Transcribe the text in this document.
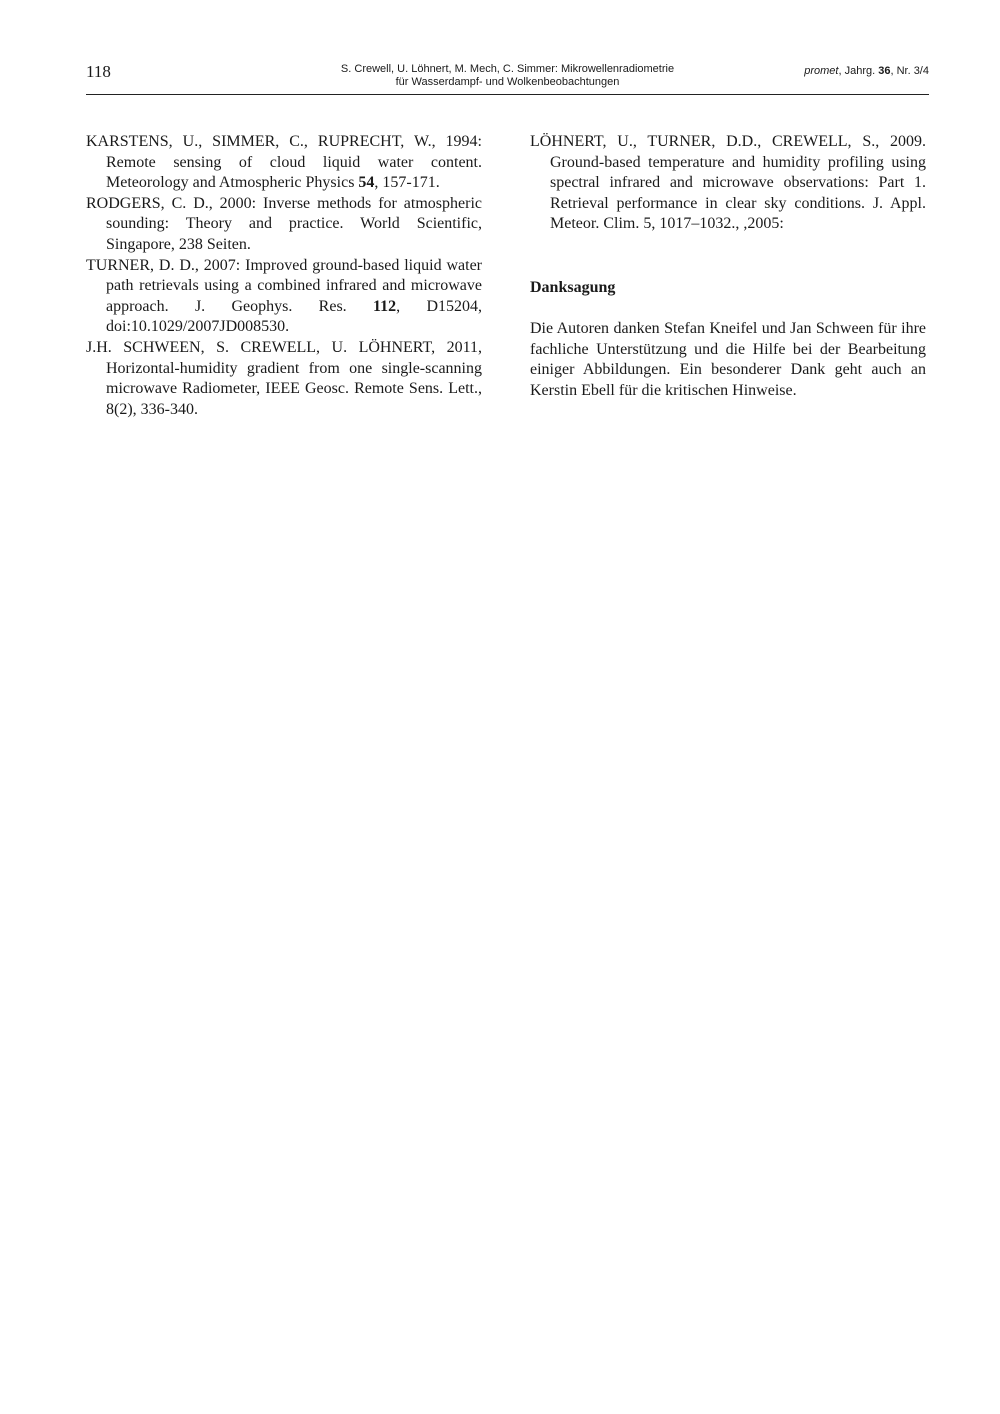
118	S. Crewell, U. Löhnert, M. Mech, C. Simmer: Mikrowellenradiometrie
für Wasserdampf- und Wolkenbeobachtungen
promet, Jahrg. 36, Nr. 3/4

KARSTENS, U., SIMMER, C., RUPRECHT, W., 1994: Remote sensing of cloud liquid water content. Meteorology and Atmospheric Physics 54, 157-171.

RODGERS, C. D., 2000: Inverse methods for atmospheric sounding: Theory and practice. World Scientific, Singapore, 238 Seiten.

TURNER, D. D., 2007: Improved ground-based liquid water path retrievals using a combined infrared and microwave approach. J. Geophys. Res. 112, D15204, doi:10.1029/2007JD008530.

J.H. SCHWEEN, S. CREWELL, U. LÖHNERT, 2011, Horizontal-humidity gradient from one single-scanning microwave Radiometer, IEEE Geosc. Remote Sens. Lett., 8(2), 336-340.

LÖHNERT, U., TURNER, D.D., CREWELL, S., 2009. Ground-based temperature and humidity profiling using spectral infrared and microwave observations: Part 1. Retrieval performance in clear sky conditions. J. Appl. Meteor. Clim. 5, 1017–1032., ,2005:

Danksagung

Die Autoren danken Stefan Kneifel und Jan Schween für ihre fachliche Unterstützung und die Hilfe bei der Bearbeitung einiger Abbildungen. Ein besonderer Dank geht auch an Kerstin Ebell für die kritischen Hinweise.
